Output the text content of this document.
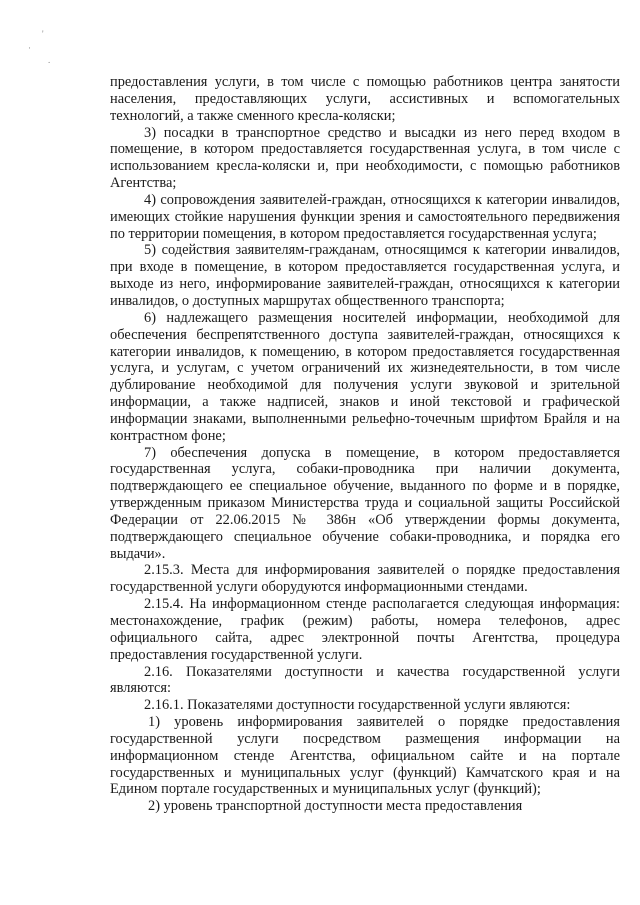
'
·
.

предоставления услуги, в том числе с помощью работников центра занятости населения, предоставляющих услуги, ассистивных и вспомогательных технологий, а также сменного кресла-коляски;

3) посадки в транспортное средство и высадки из него перед входом в помещение, в котором предоставляется государственная услуга, в том числе с использованием кресла-коляски и, при необходимости, с помощью работников Агентства;

4) сопровождения заявителей-граждан, относящихся к категории инвалидов, имеющих стойкие нарушения функции зрения и самостоятельного передвижения по территории помещения, в котором предоставляется государственная услуга;

5) содействия заявителям-гражданам, относящимся к категории инвалидов, при входе в помещение, в котором предоставляется государственная услуга, и выходе из него, информирование заявителей-граждан, относящихся к категории инвалидов, о доступных маршрутах общественного транспорта;

6) надлежащего размещения носителей информации, необходимой для обеспечения беспрепятственного доступа заявителей-граждан, относящихся к категории инвалидов, к помещению, в котором предоставляется государственная услуга, и услугам, с учетом ограничений их жизнедеятельности, в том числе дублирование необходимой для получения услуги звуковой и зрительной информации, а также надписей, знаков и иной текстовой и графической информации знаками, выполненными рельефно-точечным шрифтом Брайля и на контрастном фоне;

7) обеспечения допуска в помещение, в котором предоставляется государственная услуга, собаки-проводника при наличии документа, подтверждающего ее специальное обучение, выданного по форме и в порядке, утвержденным приказом Министерства труда и социальной защиты Российской Федерации от 22.06.2015 № 386н «Об утверждении формы документа, подтверждающего специальное обучение собаки-проводника, и порядка его выдачи».

2.15.3. Места для информирования заявителей о порядке предоставления государственной услуги оборудуются информационными стендами.

2.15.4. На информационном стенде располагается следующая информация: местонахождение, график (режим) работы, номера телефонов, адрес официального сайта, адрес электронной почты Агентства, процедура предоставления государственной услуги.

2.16. Показателями доступности и качества государственной услуги являются:

2.16.1. Показателями доступности государственной услуги являются:

1) уровень информирования заявителей о порядке предоставления государственной услуги посредством размещения информации на информационном стенде Агентства, официальном сайте и на портале государственных и муниципальных услуг (функций) Камчатского края и на Едином портале государственных и муниципальных услуг (функций);

2) уровень транспортной доступности места предоставления
